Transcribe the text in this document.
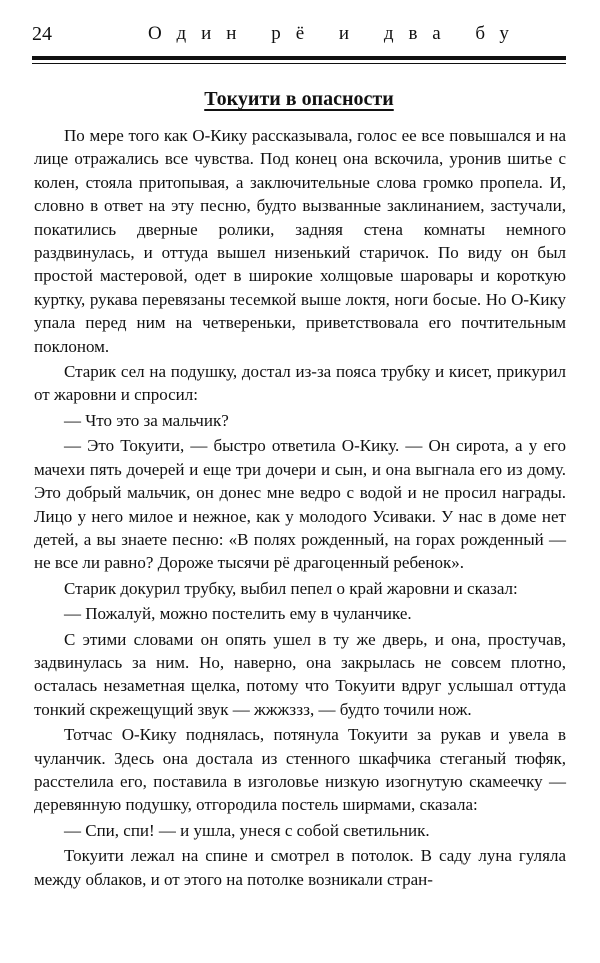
24	Один рё и два бу
Токуити в опасности

По мере того как О-Кику рассказывала, голос ее все повышался и на лице отражались все чувства. Под конец она вскочила, уронив шитье с колен, стояла притопывая, а заключительные слова громко пропела. И, словно в ответ на эту песню, будто вызванные заклинанием, застучали, покатились дверные ролики, задняя стена комнаты немного раздвинулась, и оттуда вышел низенький старичок. По виду он был простой мастеровой, одет в широкие холщовые шаровары и короткую куртку, рукава перевязаны тесемкой выше локтя, ноги босые. Но О-Кику упала перед ним на четвереньки, приветствовала его почтительным поклоном.

Старик сел на подушку, достал из-за пояса трубку и кисет, прикурил от жаровни и спросил:

— Что это за мальчик?

— Это Токуити, — быстро ответила О-Кику. — Он сирота, а у его мачехи пять дочерей и еще три дочери и сын, и она выгнала его из дому. Это добрый мальчик, он донес мне ведро с водой и не просил награды. Лицо у него милое и нежное, как у молодого Усиваки. У нас в доме нет детей, а вы знаете песню: «В полях рожденный, на горах рожденный — не все ли равно? Дороже тысячи рё драгоценный ребенок».

Старик докурил трубку, выбил пепел о край жаровни и сказал:

— Пожалуй, можно постелить ему в чуланчике.

С этими словами он опять ушел в ту же дверь, и она, простучав, задвинулась за ним. Но, наверно, она закрылась не совсем плотно, осталась незаметная щелка, потому что Токуити вдруг услышал оттуда тонкий скрежещущий звук — жжжззз, — будто точили нож.

Тотчас О-Кику поднялась, потянула Токуити за рукав и увела в чуланчик. Здесь она достала из стенного шкафчика стеганый тюфяк, расстелила его, поставила в изголовье низкую изогнутую скамеечку — деревянную подушку, отгородила постель ширмами, сказала:

— Спи, спи! — и ушла, унеся с собой светильник.

Токуити лежал на спине и смотрел в потолок. В саду луна гуляла между облаков, и от этого на потолке возникали стран-
